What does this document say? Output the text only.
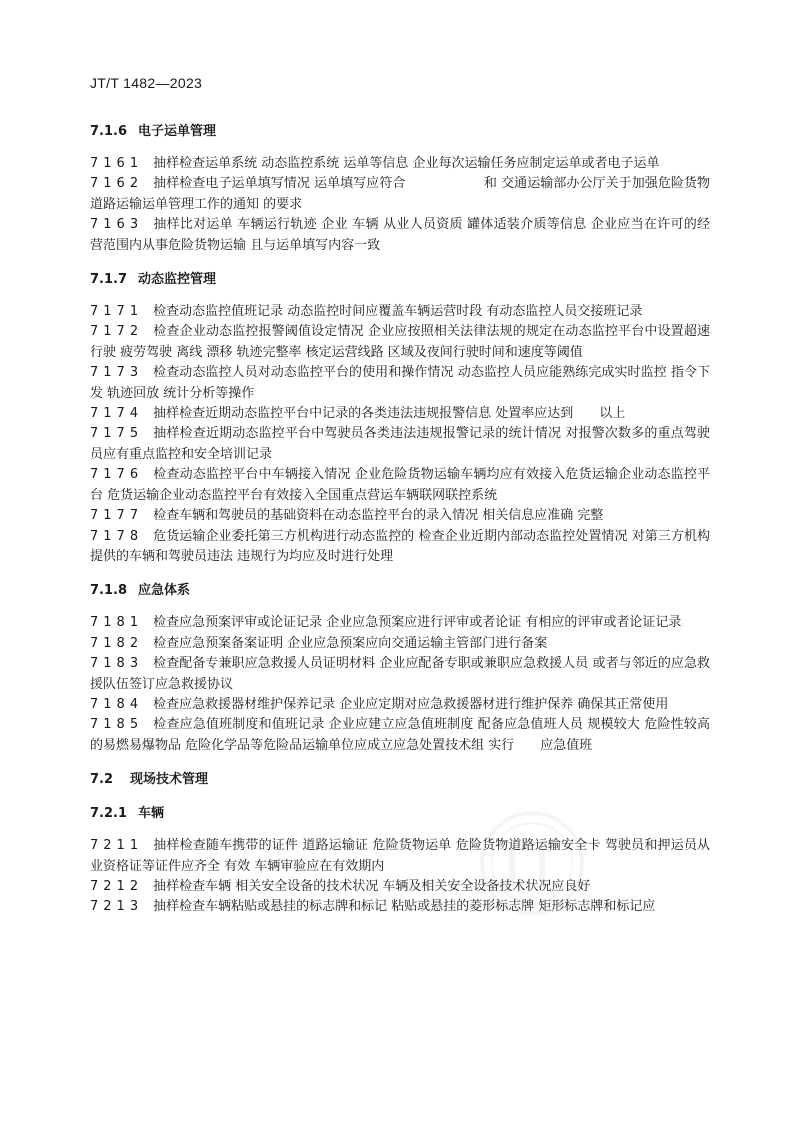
JT/T 1482—2023
7.1.6 电子运单管理

7161 抽样检查运单系统 动态监控系统 运单等信息 企业每次运输任务应制定运单或者电子运单

7162 抽样检查电子运单填写情况 运单填写应符合　　　　　　和 交通运输部办公厅关于加强危险货物道路运输运单管理工作的通知 的要求

7163 抽样比对运单 车辆运行轨迹 企业 车辆 从业人员资质 罐体适装介质等信息 企业应当在许可的经营范围内从事危险货物运输 且与运单填写内容一致

7.1.7 动态监控管理

7171 检查动态监控值班记录 动态监控时间应覆盖车辆运营时段 有动态监控人员交接班记录

7172 检查企业动态监控报警阈值设定情况 企业应按照相关法律法规的规定在动态监控平台中设置超速行驶 疲劳驾驶 离线 漂移 轨迹完整率 核定运营线路 区域及夜间行驶时间和速度等阈值

7173 检查动态监控人员对动态监控平台的使用和操作情况 动态监控人员应能熟练完成实时监控 指令下发 轨迹回放 统计分析等操作

7174 抽样检查近期动态监控平台中记录的各类违法违规报警信息 处置率应达到　　以上

7175 抽样检查近期动态监控平台中驾驶员各类违法违规报警记录的统计情况 对报警次数多的重点驾驶员应有重点监控和安全培训记录

7176 检查动态监控平台中车辆接入情况 企业危险货物运输车辆均应有效接入危货运输企业动态监控平台 危货运输企业动态监控平台有效接入全国重点营运车辆联网联控系统

7177 检查车辆和驾驶员的基础资料在动态监控平台的录入情况 相关信息应准确 完整

7178 危货运输企业委托第三方机构进行动态监控的 检查企业近期内部动态监控处置情况 对第三方机构提供的车辆和驾驶员违法 违规行为均应及时进行处理

7.1.8 应急体系

7181 检查应急预案评审或论证记录 企业应急预案应进行评审或者论证 有相应的评审或者论证记录

7182 检查应急预案备案证明 企业应急预案应向交通运输主管部门进行备案

7183 检查配备专兼职应急救援人员证明材料 企业应配备专职或兼职应急救援人员 或者与邻近的应急救援队伍签订应急救援协议

7184 检查应急救援器材维护保养记录 企业应定期对应急救援器材进行维护保养 确保其正常使用

7185 检查应急值班制度和值班记录 企业应建立应急值班制度 配备应急值班人员 规模较大 危险性较高的易燃易爆物品 危险化学品等危险品运输单位应成立应急处置技术组 实行　　应急值班

7.2 现场技术管理
7.2.1 车辆

7211 抽样检查随车携带的证件 道路运输证 危险货物运单 危险货物道路运输安全卡 驾驶员和押运员从业资格证等证件应齐全 有效 车辆审验应在有效期内

7212 抽样检查车辆 相关安全设备的技术状况 车辆及相关安全设备技术状况应良好

7213 抽样检查车辆粘贴或悬挂的标志牌和标记 粘贴或悬挂的菱形标志牌 矩形标志牌和标记应
